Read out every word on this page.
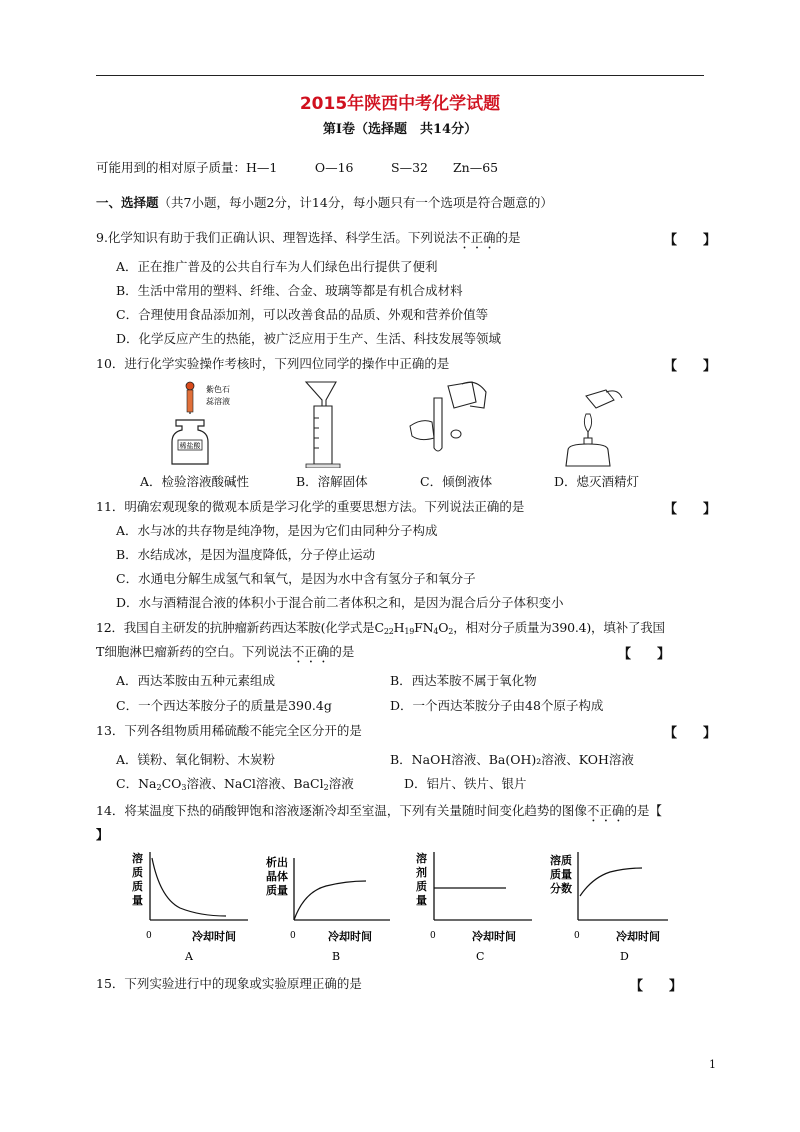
2015年陕西中考化学试题
第Ⅰ卷（选择题　共14分）
可能用到的相对原子质量：H—1　　　O—16　　　S—32　　Zn—65
一、选择题（共7小题，每小题2分，计14分，每小题只有一个选项是符合题意的）
9.化学知识有助于我们正确认识、理智选择、科学生活。下列说法不正确的是	【　　】
A．正在推广普及的公共自行车为人们绿色出行提供了便利
B．生活中常用的塑料、纤维、合金、玻璃等都是有机合成材料
C．合理使用食品添加剂，可以改善食品的品质、外观和营养价值等
D．化学反应产生的热能，被广泛应用于生产、生活、科技发展等领域
10．进行化学实验操作考核时，下列四位同学的操作中正确的是	【　　】
稀盐酸
紫色石
蕊溶液
A．检验溶液酸碱性	B．溶解固体	C．倾倒液体	D．熄灭酒精灯
11．明确宏观现象的微观本质是学习化学的重要思想方法。下列说法正确的是	【　　】
A．水与冰的共存物是纯净物，是因为它们由同种分子构成
B．水结成冰，是因为温度降低，分子停止运动
C．水通电分解生成氢气和氧气，是因为水中含有氢分子和氧分子
D．水与酒精混合液的体积小于混合前二者体积之和，是因为混合后分子体积变小
12．我国自主研发的抗肿瘤新药西达苯胺(化学式是$C_{22}H_{19}FN_4O_2$，相对分子质量为390.4)，填补了我国
T细胞淋巴瘤新药的空白。下列说法不正确的是	【　　】
A．西达苯胺由五种元素组成	B．西达苯胺不属于氧化物
C．一个西达苯胺分子的质量是390.4g	D．一个西达苯胺分子由48个原子构成
13．下列各组物质用稀硫酸不能完全区分开的是	【　　】
A．镁粉、氧化铜粉、木炭粉	B．NaOH溶液、Ba(OH)₂溶液、KOH溶液
C．$Na_2CO_3$溶液、NaCl溶液、BaCl$_2$溶液	D．铝片、铁片、银片
14．将某温度下热的硝酸钾饱和溶液逐渐冷却至室温，下列有关量随时间变化趋势的图像不正确的是【
】
溶
质
质
量
0	冷却时间
A
析出
晶体
质量
0	冷却时间
B
溶
剂
质
量
0	冷却时间
C
溶质
质量
分数
0	冷却时间
D
15．下列实验进行中的现象或实验原理正确的是	【　　】
1
